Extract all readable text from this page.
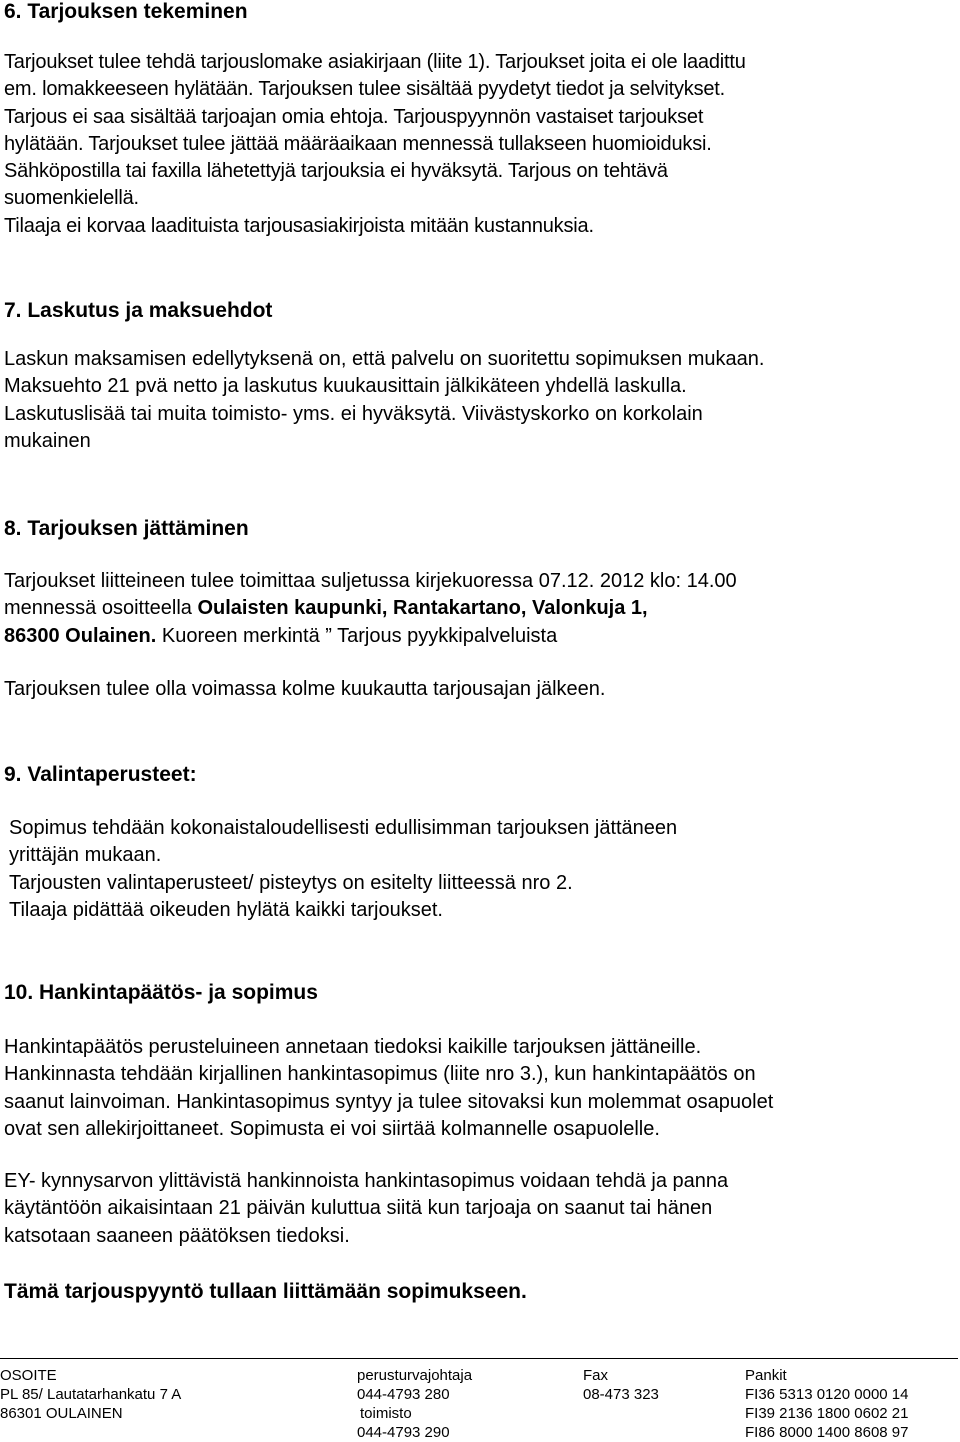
6. Tarjouksen tekeminen

Tarjoukset tulee tehdä tarjouslomake asiakirjaan (liite 1). Tarjoukset joita ei ole laadittu

em. lomakkeeseen hylätään. Tarjouksen tulee sisältää pyydetyt tiedot ja selvitykset.

Tarjous ei saa sisältää tarjoajan omia ehtoja. Tarjouspyynnön vastaiset tarjoukset

hylätään. Tarjoukset tulee jättää määräaikaan mennessä tullakseen huomioiduksi.

Sähköpostilla tai faxilla lähetettyjä tarjouksia ei hyväksytä. Tarjous on tehtävä

suomenkielellä.

Tilaaja ei korvaa laadituista tarjousasiakirjoista mitään kustannuksia.

7. Laskutus ja maksuehdot

Laskun maksamisen edellytyksenä on, että palvelu on suoritettu sopimuksen mukaan.

Maksuehto 21 pvä netto ja laskutus kuukausittain jälkikäteen yhdellä laskulla.

Laskutuslisää tai muita toimisto- yms. ei hyväksytä. Viivästyskorko on korkolain

mukainen

8. Tarjouksen jättäminen

Tarjoukset liitteineen tulee toimittaa suljetussa kirjekuoressa 07.12. 2012 klo: 14.00

mennessä osoitteella Oulaisten kaupunki, Rantakartano, Valonkuja 1,

86300 Oulainen. Kuoreen merkintä ” Tarjous pyykkipalveluista

Tarjouksen tulee olla voimassa kolme kuukautta tarjousajan jälkeen.

9. Valintaperusteet:

Sopimus tehdään kokonaistaloudellisesti edullisimman tarjouksen jättäneen

yrittäjän mukaan.

Tarjousten valintaperusteet/ pisteytys on esitelty liitteessä nro 2.

Tilaaja pidättää oikeuden hylätä kaikki tarjoukset.

10. Hankintapäätös- ja sopimus

Hankintapäätös perusteluineen annetaan tiedoksi kaikille tarjouksen jättäneille.

Hankinnasta tehdään kirjallinen hankintasopimus (liite nro 3.), kun hankintapäätös on

saanut lainvoiman. Hankintasopimus syntyy ja tulee sitovaksi kun molemmat osapuolet

ovat sen allekirjoittaneet. Sopimusta ei voi siirtää kolmannelle osapuolelle.

EY- kynnysarvon ylittävistä hankinnoista hankintasopimus voidaan tehdä ja panna

käytäntöön aikaisintaan 21 päivän kuluttua siitä kun tarjoaja on saanut tai hänen

katsotaan saaneen päätöksen tiedoksi.

Tämä tarjouspyyntö tullaan liittämään sopimukseen.

OSOITE

PL 85/ Lautatarhankatu 7 A

86301 OULAINEN

perusturvajohtaja

044-4793 280

toimisto

044-4793 290

Fax

08-473 323

Pankit

FI36 5313 0120 0000 14

FI39 2136 1800 0602 21

FI86 8000 1400 8608 97
